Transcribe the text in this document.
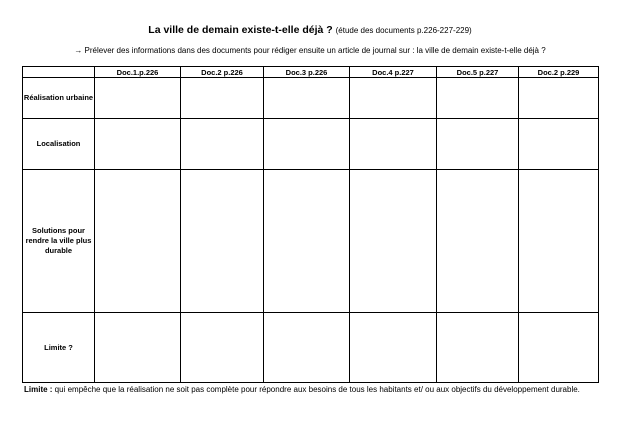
La ville de demain existe-t-elle déjà ? (étude des documents p.226-227-229)
→ Prélever des informations dans des documents pour rédiger ensuite un article de journal sur : la ville de demain existe-t-elle déjà ?
	Doc.1.p.226	Doc.2 p.226	Doc.3 p.226	Doc.4 p.227	Doc.5 p.227	Doc.2 p.229
Réalisation urbaine						
Localisation						
Solutions pour rendre la ville plus durable						
Limite ?						
Limite : qui empêche que la réalisation ne soit pas complète pour répondre aux besoins de tous les habitants et/ ou aux objectifs du développement durable.
